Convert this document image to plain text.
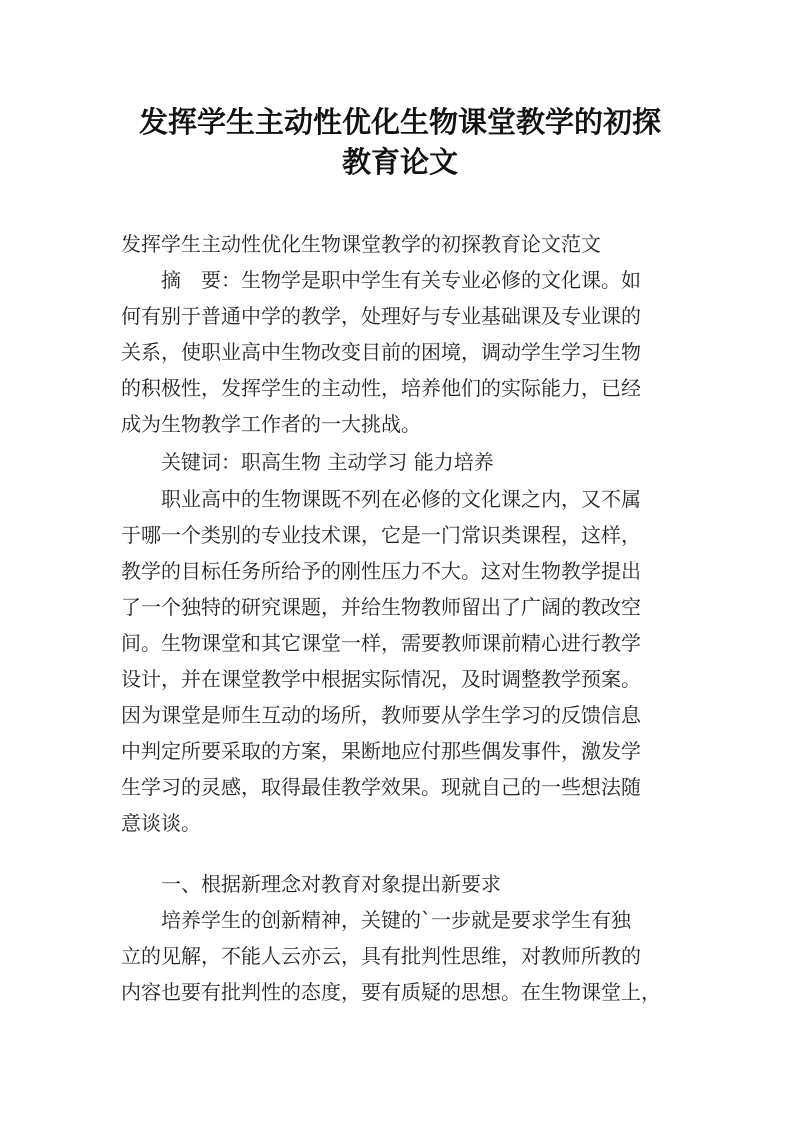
发挥学生主动性优化生物课堂教学的初探
教育论文
发挥学生主动性优化生物课堂教学的初探教育论文范文
摘　要：生物学是职中学生有关专业必修的文化课。如
何有别于普通中学的教学，处理好与专业基础课及专业课的
关系，使职业高中生物改变目前的困境，调动学生学习生物
的积极性，发挥学生的主动性，培养他们的实际能力，已经
成为生物教学工作者的一大挑战。
关键词：职高生物 主动学习 能力培养
职业高中的生物课既不列在必修的文化课之内，又不属
于哪一个类别的专业技术课，它是一门常识类课程，这样，
教学的目标任务所给予的刚性压力不大。这对生物教学提出
了一个独特的研究课题，并给生物教师留出了广阔的教改空
间。生物课堂和其它课堂一样，需要教师课前精心进行教学
设计，并在课堂教学中根据实际情况，及时调整教学预案。
因为课堂是师生互动的场所，教师要从学生学习的反馈信息
中判定所要采取的方案，果断地应付那些偶发事件，激发学
生学习的灵感，取得最佳教学效果。现就自己的一些想法随
意谈谈。
一、根据新理念对教育对象提出新要求
培养学生的创新精神，关键的`一步就是要求学生有独
立的见解，不能人云亦云，具有批判性思维，对教师所教的
内容也要有批判性的态度，要有质疑的思想。在生物课堂上，
